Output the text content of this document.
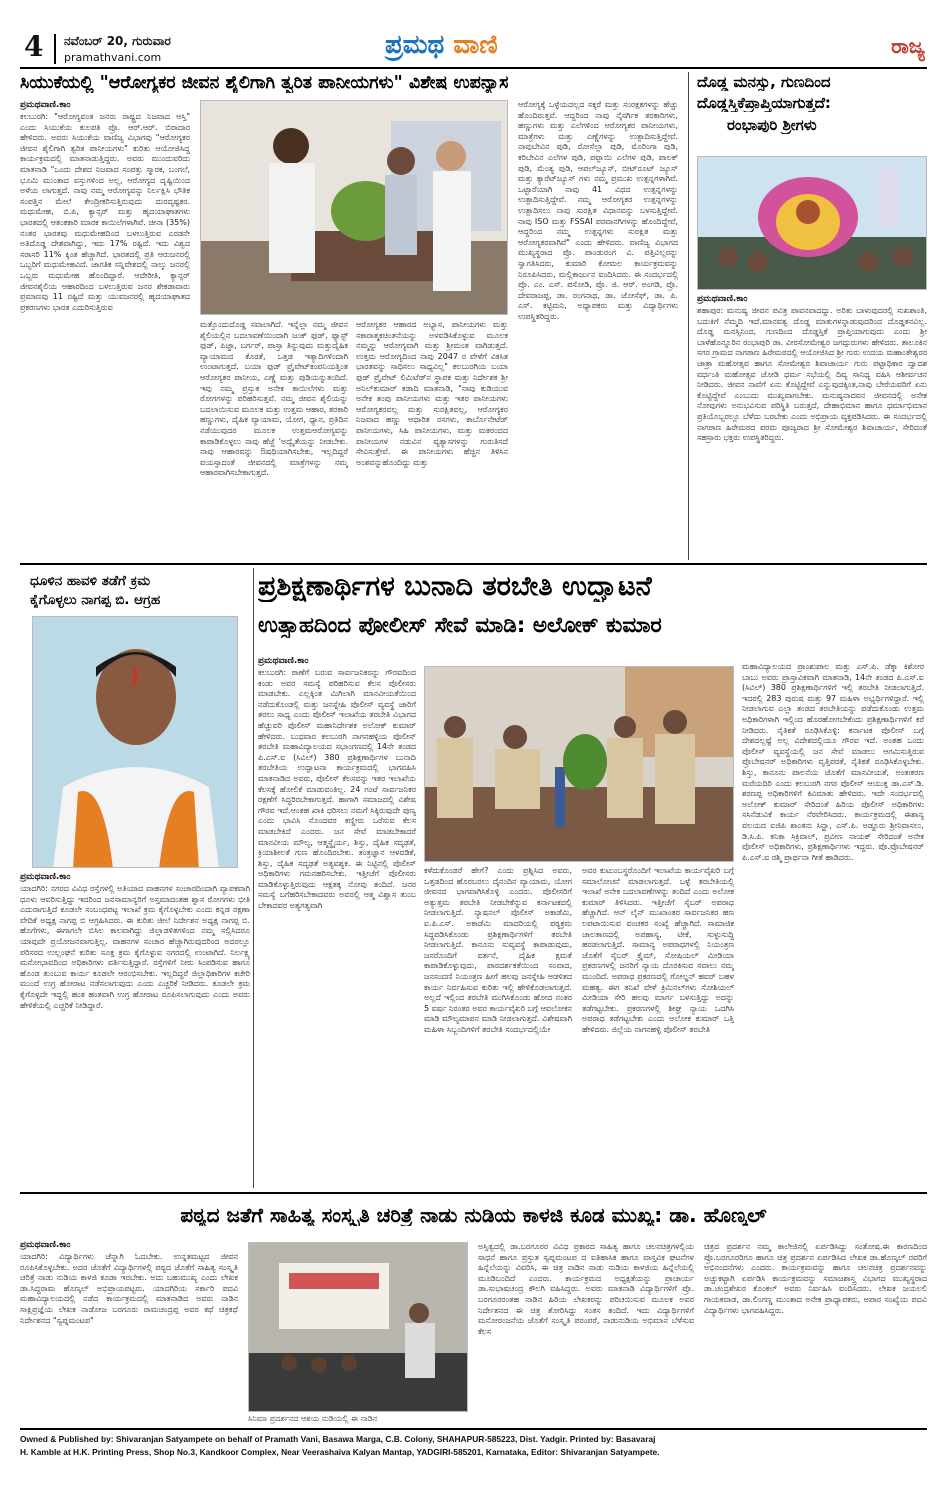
4 ನವೆಂಬರ್ 20, ಗುರುವಾರ
pramathvani.com	ಪ್ರಮಥ ವಾಣಿ	ರಾಜ್ಯ
ಸಿಯುಕೆಯಲ್ಲಿ "ಆರೋಗ್ಯಕರ ಜೀವನ ಶೈಲಿಗಾಗಿ ತ್ವರಿತ ಪಾನೀಯಗಳು" ವಿಶೇಷ ಉಪನ್ಯಾಸ
ಪ್ರಮಥವಾಣಿ.ಕಾಂ
ಕಲಬುರಗಿ: "ಆರೋಗ್ಯವಂತ ಜನರು ರಾಷ್ಟ್ರದ ನಿಜವಾದ ಆಸ್ತಿ" ಎಂದು ಸಿಯುಕೆಯ ಕುಲಪತಿ ಪ್ರೊ. ಆರ್.ಆರ್. ಬಿರಾದಾರ ಹೇಳಿದರು. ಅವರು ಸಿಯುಕೆಯ ವಾಣಿಜ್ಯ ವಿಭಾಗವು "ಆರೋಗ್ಯಕರ ಜೀವನ ಶೈಲಿಗಾಗಿ ತ್ವರಿತ ಪಾನೀಯಗಳು" ಕುರಿತು ಆಯೋಜಿಸಿದ್ದ ಕಾರ್ಯಕ್ರಮದಲ್ಲಿ ಮಾತನಾಡುತ್ತಿದ್ದರು. ಅವರು ಮುಂದುವರಿದು ಮಾತನಾಡಿ "ಒಂದು ದೇಶದ ನಿಜವಾದ ಸಂಪತ್ತು ಸ್ಮಾರಕ, ಬಂಗಲೆ, ಭೂಮಿ ಮುಂತಾದ ವಸ್ತುಗಳಿಂದ ಅಲ್ಲ, ಆರೋಗ್ಯದ ದೃಷ್ಟಿಯಿಂದ ಅಳೆಯ ಲಾಗುತ್ತದೆ. ನಾವು ನಮ್ಮ ಆರೋಗ್ಯವನ್ನು ನಿರ್ಲಕ್ಷಿಸಿ ಭೌತಿಕ ಸಂಪತ್ತಿನ ಮೇಲೆ ಕೇಂದ್ರೀಕರಿಸುತ್ತಿರುವುದು ದುರದೃಷ್ಟಕರ. ಮಧುಮೇಹ, ಬಿ.ಪಿ, ಕ್ಯಾನ್ಸರ್ ಮತ್ತು ಹೃದಯಾಘಾತಗಳು ಭಾರತದಲ್ಲಿ ಆತಂಕಕಾರಿ ಮಾರಕ ಕಾಯಿಲೆಗಳಾಗಿವೆ. ಚೀನಾ (35%) ನಂತರ ಭಾರತವು ಮಧುಮೇಹದಿಂದ ಬಳಲುತ್ತಿರುವ ಎರಡನೇ ಅತಿದೊಡ್ಡ ದೇಶವಾಗಿದ್ದು, ಇದು 17% ರಷ್ಟಿದೆ. ಇದು ವಿಶ್ವದ ಸರಾಸರಿ 11% ಕ್ಕಿಂತ ಹೆಚ್ಚಾಗಿದೆ. ಭಾರತದಲ್ಲಿ ಪ್ರತಿ ಆರುಜನರಲ್ಲಿ ಒಬ್ಬರಿಗೆ ಮಧುಮೇಹವಿದೆ. ಜಾಗತಿಕ ಸನ್ನಿವೇಶದಲ್ಲಿ ನಾಲ್ಕು ಜನರಲ್ಲಿ ಒಬ್ಬರು ಮಧುಮೇಹ ಹೊಂದಿದ್ದಾರೆ. ಆದೇರೀತಿ, ಕ್ಯಾನ್ಸರ್ ಜೀವನಶೈಲಿಯ ಆಹಾರದಿಂದ ಬಳಲುತ್ತಿರುವ ಜನರ ಶೇಕಡಾವಾರು ಪ್ರಮಾಣವು 11 ರಷ್ಟಿದೆ ಮತ್ತು ಯುವಜನರಲ್ಲಿ ಹೃದಯಾಘಾತದ ಪ್ರಕರಣಗಳು ಭಾರತ ಎದುರಿಸುತ್ತಿರುವ
ಮತ್ತೊಂದುದೊಡ್ಡ ಸವಾಲಾಗಿದೆ. ಇನ್ನೆಲ್ಲಾ ನಮ್ಮ ಜೀವನ ಶೈಲಿಯಲ್ಲಿನ ಬದಲಾವಣೆಯಿಂದಾಗಿ ಜಂಕ್ ಫುಡ್, ಫ್ಯಾಸ್ಟ್ ಫುಡ್, ಪಿಜ್ಜಾ, ಬರ್ಗರ್, ಪಾಸ್ತಾ ತಿನ್ನುವುದು ಮತ್ತುದೈಹಿಕ ವ್ಯಾಯಾಮದ ಕೊರತೆ, ಒತ್ತಡ ಇತ್ಯಾದಿಗಳಿಂದಾಗಿ ಉಂಟಾಗುತ್ತದೆ. ಬಯಾ ಫುಡ್ ಪ್ರೈವೇಟ್‌ಕಂಪನಿಯತ್ತಿಂತ ಆರೋಗ್ಯಕರ ಪಾನೀಯ, ಎಣ್ಣೆ ಮತ್ತು ಪುಡಿಯನ್ನುತಂದಿದೆ. ಇವು ನಮ್ಮ ಪ್ರಸ್ತುತ ಅನೇಕ ಕಾಯಿಲೆಗಳು ಮತ್ತು ರೋಗಗಳನ್ನು ಪರಿಹರಿಸುತ್ತವೆ. ನಮ್ಮ ಜೀವನ ಶೈಲಿಯನ್ನು ಬದಲಾಯಿಸುವ ಮೂಲಕ ಮತ್ತು ಉತ್ತಮ ಆಹಾರ, ತರಕಾರಿ ಹಣ್ಣುಗಳು, ದೈಹಿಕ ವ್ಯಾಯಾಮ, ಯೋಗ, ಧ್ಯಾನ, ಪ್ರತಿದಿನ ನಡೆಯುವುದರ ಮೂಲಕ ಉತ್ತಮಆರೋಗ್ಯವನ್ನು ಕಾಪಾಡಿಕೊಳ್ಳಲು ನಾವು ಹೆಜ್ಜೆ 'ಅದ್ವೈತೆಯನ್ನು ನೀಡಬೇಕು. ನಾವು ಆಹಾರವನ್ನು ಔಷಧಿಯಾಗಿಸಬೇಕು, ಇಲ್ಲದಿದ್ದರೆ ವಯಸ್ಸಾದಂತೆ ಜೀವನದಲ್ಲಿ ಮಾತ್ರೆಗಳನ್ನು ನಮ್ಮ ಆಹಾರವಾಗಿಸಬೇಕಾಗುತ್ತದೆ.
ಆರೋಗ್ಯಕರ ಆಹಾರದ ಅಭ್ಯಾಸ, ಪಾನೀಯಗಳು ಮತ್ತು ಸಕಾರಾತ್ಮಕಚಿಂತನೆಯನ್ನು ಅಳವಡಿಸಿಕೊಳ್ಳುವ ಮೂಲಕ ನಮ್ಮನ್ನು ಆರೋಗ್ಯವಾಗಿ ಮತ್ತು ಶ್ರೀಮಂತ ವಾಗಿಡುತ್ತದೆ. ಉತ್ತಮ ಆರೋಗ್ಯದಿಂದ ನಾವು 2047 ರ ವೇಳೆಗೆ ವಿಕಸಿತ ಭಾರತವನ್ನು ಸಾಧಿಸಲು ಸಾಧ್ಯವಿಲ್ಲ" ಕಲಬುರಗಿಯ ಬಯಾ ಫುಡ್ ಪ್ರೈವೇಟ್ ಲಿಮಿಟೆಡ್‌ನ ಸ್ಥಾಪಕ ಮತ್ತು ನಿರ್ದೇಶಕ ಶ್ರೀ ಅನಿಲ್‌ಕುಮಾರ್ ಕಡಾದಿ ಮಾತನಾಡಿ, "ನಾವು ಕುಡಿಯುವ ಅನೇಕ ತಂಪು ಪಾನೀಯಗಳು ಮತ್ತು ಇತರ ಪಾನೀಯಗಳು ಆರೋಗ್ಯಕರವಲ್ಲ ಮತ್ತು ಸುರಕ್ಷಿತವಲ್ಲ, ಆರೋಗ್ಯಕರ ನಿಜವಾದ ಹಣ್ಣು ಆಧಾರಿತ ರಸಗಳು, ಕಾರ್ಬೊನೇಟೆಡ್ ಪಾನೀಯಗಳು, ಸಿಹಿ ಪಾನೀಯಗಳು, ಮತ್ತು ಮಕರಂದದ ಪಾನೀಯಗಳ ನಡುವಿನ ವ್ಯತ್ಯಾಸಗಳನ್ನು ಗುರುತಿಸದೆ ಸೇವಿಸುತ್ತೇವೆ. ಈ ಪಾನೀಯಗಳು ಹೆಚ್ಚಿನ ತಿಳಿಸಿನ ಅಂಶವನ್ನುಹೊಂದಿದ್ದು ಮತ್ತು
ಆರೋಗ್ಯಕ್ಕೆ ಒಳ್ಳೆಯದಲ್ಲದ ಸಕ್ಕರೆ ಮತ್ತು ಸಂರಕ್ಷಕಗಳನ್ನು ಹೆಚ್ಚು ಹೊಂದಿರುತ್ತವೆ. ಆದ್ದರಿಂದ ನಾವು ನೈಸರ್ಗಿಕ ತರಕಾರಿಗಳು, ಹಣ್ಣುಗಳು ಮತ್ತು ಎಲೆಗಳಿಂದ ಆರೋಗ್ಯಕರ ಪಾನೀಯಗಳು, ಮಾತ್ರೆಗಳು ಮತ್ತು ಎಣ್ಣೆಗಳನ್ನು ಉತ್ಪಾದಿಸುತ್ತಿದ್ದೇವೆ. ನಾವುಬೇವಿನ ಪುಡಿ, ರೋಸೆಲ್ಲಾ ಪುಡಿ, ಮೊರಿಂಗಾ ಪುಡಿ, ಕರಿಬೇವಿನ ಎಲೆಗಳ ಪುಡಿ, ಪಪ್ಪಾಯಿ ಎಲೆಗಳ ಪುಡಿ, ಪಾಲಕ್ ಪುಡಿ, ಮೆಂತ್ಯ ಪುಡಿ, ಆಪಲ್‌ಜ್ಯೂಸ್, ಬೀಟ್‌ರೂಟ್ ಜ್ಯೂಸ್ ಮತ್ತು ಕ್ಯಾರೆಟ್‌ಜ್ಯೂಸ್ ಗಳು ನಮ್ಮ ಪ್ರಮುಖ ಉತ್ಪನ್ನಗಳಾಗಿವೆ. ಒಟ್ಟಾರೆಯಾಗಿ ನಾವು 41 ವಿಧದ ಉತ್ಪನ್ನಗಳನ್ನು ಉತ್ಪಾದಿಸುತ್ತಿದ್ದೇವೆ. ನಮ್ಮ ಆರೋಗ್ಯಕರ ಉತ್ಪನ್ನಗಳನ್ನು ಉತ್ಪಾದಿಸಲು ನಾವು ಸುರಕ್ಷಿತ ವಿಧಾನವನ್ನು ಬಳಸುತ್ತಿದ್ದೇವೆ. ನಾವು ISO ಮತ್ತು FSSAI ಪರವಾನಗಿಗಳನ್ನು ಹೊಂದಿದ್ದೇವೆ, ಆದ್ದರಿಂದ ನಮ್ಮ ಉತ್ಪನ್ನಗಳು ಸುರಕ್ಷಿತ ಮತ್ತು ಆರೋಗ್ಯಕರವಾಗಿವೆ" ಎಂದು ಹೇಳಿದರು. ವಾಣಿಜ್ಯ ವಿಭಾಗದ ಮುಖ್ಯಸ್ಥರಾದ ಪ್ರೊ. ಪಾಂಡುರಂಗ ವಿ. ಪತ್ತಿವಿಲ್ಲರನ್ನು ಸ್ವಾಗತಿಸಿದರು, ಕುಮಾರಿ ಕೋಮಲ ಕಾರ್ಯಕ್ರಮವನ್ನು ನಿರೂಪಿಸಿದರು, ಮಲ್ಲಿಕಾರ್ಜುನ ವಂದಿಸಿದರು. ಈ ಸಂದರ್ಭದಲ್ಲಿ ಪ್ರೊ. ಎಂ. ಎಸ್. ಪಸೋಡಿ, ಪ್ರೊ. ಜಿ. ಆರ್. ಅಂಗಡಿ, ಪ್ರೊ. ದೇವರಾಜಪ್ಪ, ಡಾ. ರಂಗನಾಥ, ಡಾ. ಜೋಸೆಫ್, ಡಾ. ಪಿ. ಎಸ್. ಕಟ್ಟಿಮನಿ, ಅಧ್ಯಾಪಕರು ಮತ್ತು ವಿದ್ಯಾರ್ಥಿಗಳು ಉಪಸ್ಥಿತರಿದ್ದರು.
ದೊಡ್ಡ ಮನಸ್ಸು, ಗುಣದಿಂದ
ದೊಡ್ಡಸ್ತಿಕೆಪ್ರಾಪ್ತಿಯಾಗುತ್ತದೆ:
ರಂಭಾಪುರಿ ಶ್ರೀಗಳು
ಪ್ರಮಥವಾಣಿ.ಕಾಂ
ಶಹಾಪುರ: ಮನುಷ್ಯ ಜೀವನ ಪವಿತ್ರ ಪಾವನವಾದದ್ದು. ಅರಿತು ಬಾಳುವುದರಲ್ಲಿ ಸುಖಶಾಂತಿ, ಬದುಕಿಗೆ ನೆಮ್ಮದಿ ಇದೆ.ಮಾನವತ್ವ ದೊಡ್ಡ ಮಾತುಗಳನ್ನಾಡುವುದರಿಂದ ದೊಡ್ಡತನವಿಲ್ಲ. ದೊಡ್ಡ ಮನಸ್ಸಿನಿಂದ, ಗುಣದಿಂದ ದೊಡ್ಡಸ್ತಿಕೆ ಪ್ರಾಪ್ತಿಯಾಗುವುದು ಎಂದು ಶ್ರೀ ಬಾಳೆಹೊನ್ನೂರಿನ ರಂಭಾಪುರಿ ಡಾ. ವೀರಸೋಮೇಶ್ವರ ಜಗದ್ಗುರುಗಳು ಹೇಳಿದರು. ತಾಲೂಕಿನ ಸಗರ ಗ್ರಾಮದ ನಾಗಠಾಣ ಹಿರೇಮಠದಲ್ಲಿ ಆಯೋಜಿಸಿದ ಶ್ರೀ ಗುರು ಉದಯ ಮಹಾಂತೇಶ್ವರರ ಜಾತ್ರಾ ಮಹೋತ್ಸವ ಹಾಗೂ ಸೋಮೇಶ್ವರ ಶಿವಾಚಾರ್ಯ ಗುರು ಪಟ್ಟಾಧಿಕಾರ ದ್ವಾದಶ ವರ್ಧಂತಿ ಮಹೋತ್ಸವ ಜೋಡಿ ಧರ್ಮ ಸಭೆಯಲ್ಲಿ ದಿವ್ಯ ಸಾನಿಧ್ಯ ವಹಿಸಿ ಆಶೀರ್ವಚನ ನೀಡಿದರು. ಜೀವನ ನಾವೆಗೆ ಏನು ಕೊಟ್ಟಿದ್ದೇವೆ ಎನ್ನುವುದಕ್ಕಿಂತ,ನಾವು ಬೇರೆಯವರಿಗೆ ಏನು ಕೊಟ್ಟಿದ್ದೇವೆ ಎಂಬುದು ಮುಖ್ಯವಾಗಬೇಕು. ಮನುಷ್ಯನಾದವನ ಜೀವನದಲ್ಲಿ ಅನೇಕ ನೋವುಗಳು ಅನುಭವಿಸುವ ಪರಿಸ್ಥಿತಿ ಬರುತ್ತದೆ, ದೇಹಾಭಿಮಾನ ಹಾಗೂ ಧರ್ಮಾಭಿಮಾನ ಪ್ರತಿಯೊಬ್ಬರಲ್ಲೂ ಬೆಳೆದು ಬರಬೇಕು ಎಂದು ಅಭಿಪ್ರಾಯ ವ್ಯಕ್ತಪಡಿಸಿದರು. ಈ ಸಂದರ್ಭದಲ್ಲಿ ನಾಗಠಾಣ ಹಿರೇಮಠದ ಪರಮ ಪೂಜ್ಯರಾದ ಶ್ರೀ ಸೋಮೇಶ್ವರ ಶಿವಾಚಾರ್ಯ, ಸೇರಿದಂತೆ ಸಹಸ್ರಾರು ಭಕ್ತರು ಉಪಸ್ಥಿತರಿದ್ದರು.
ಧೂಳಿನ ಹಾವಳಿ ತಡೆಗೆ ಕ್ರಮ
ಕೈಗೊಳ್ಳಲು ನಾಗಪ್ಪ ಬಿ. ಆಗ್ರಹ
ಪ್ರಮಥವಾಣಿ.ಕಾಂ
ಯಾದಗಿರಿ: ನಗರದ ವಿವಿಧ ರಸ್ತೆಗಳಲ್ಲಿ ಅತಿಯಾದ ವಾಹನಗಳ ಸಂಚಾರದಿಂದಾಗಿ ವ್ಯಾಪಕವಾಗಿ ಧೂಳು ಆವರಿಸುತ್ತಿದ್ದು ಇದರಿಂದ ಜನಸಾಮಾನ್ಯರಿಗೆ ಅಸ್ತಮಾದಂತಹ ಶ್ವಾಸ ರೋಗಗಳು ಭೀತಿ ಎದುರಾಗುತ್ತಿದೆ ಕೂಡಲೇ ಸಂಬಂಧಪಟ್ಟ ಇಲಾಖೆ ಕ್ರಮ ಕೈಗೊಳ್ಳಬೇಕು ಎಂದು ಕನ್ನಡ ರಕ್ಷಣಾ ವೇದಿಕೆ ಅಧ್ಯಕ್ಷ ನಾಗಪ್ಪ ಬಿ ಆಗ್ರಹಿಸಿದರು. ಈ ಕುರಿತು ಜೀಲೆ ನಿರ್ದೇಶನ ಅಧ್ಯಕ್ಷ ನಾಗಪ್ಪ ಬಿ. ಹೊಗೆಗಳು, ಈಗಾಗಲೇ ಬಿಸಿಲ ಕಾಲವಾಗಿದ್ದು ಜಿಲ್ಲಾಡಳಿತಗಳಿಂದ ನಮ್ಮ ಸಲ್ಲಿಸಿದರೂ ಯಾವುದೇ ಪ್ರಯೋಜನವಾಗುತ್ತಿಲ್ಲ. ವಾಹನಗಳ ಸಂಚಾರ ಹೆಚ್ಚಾಗಿರುವುದರಿಂದ ಅದರಲ್ಲೂ ಪರಿಸರದ ಉಲ್ಲಂಘನೆ ಕುರಿತು ಸೂಕ್ತ ಕ್ರಮ ಕೈಗೊಳ್ಳುವ ನಗರದಲ್ಲಿ ಉಂಟಾಗಿದೆ. ನಿರ್ಲಕ್ಷ್ಯ ಮನೋಭಾವದಿಂದ ಅಧಿಕಾರಿಗಳು ವರ್ತಿಸುತ್ತಿದ್ದಾರೆ. ರಸ್ತೆಗಳಿಗೆ ನೀರು ಸಿಂಪಡಿಸುವ ಹಾಗೂ ಹೊಂಡ ತುಂಬುವ ಕಾರ್ಯ ಕೂಡಲೇ ಆರಂಭಿಸಬೇಕು. ಇಲ್ಲದಿದ್ದರೆ ಜಿಲ್ಲಾಧಿಕಾರಿಗಳ ಕಚೇರಿ ಮುಂದೆ ಉಗ್ರ ಹೋರಾಟ ನಡೆಸಲಾಗುವುದು ಎಂದು ಎಚ್ಚರಿಕೆ ನೀಡಿದರು. ಕೂಡಲೇ ಕ್ರಮ ಕೈಗೊಳ್ಳದೇ ಇದ್ದಲ್ಲಿ ಹಂತ ಹಂತವಾಗಿ ಉಗ್ರ ಹೋರಾಟ ರೂಪಿಸಲಾಗುವುದು ಎಂದು ಅವರು ಹೇಳಿಕೆಯಲ್ಲಿ ಎಚ್ಚರಿಕೆ ನೀಡಿದ್ದಾರೆ.
ಪ್ರಶಿಕ್ಷಣಾರ್ಥಿಗಳ ಬುನಾದಿ ತರಬೇತಿ ಉದ್ಘಾಟನೆ
ಉತ್ಸಾಹದಿಂದ ಪೋಲೀಸ್ ಸೇವೆ ಮಾಡಿ: ಅಲೋಕ್ ಕುಮಾರ
ಪ್ರಮಥವಾಣಿ.ಕಾಂ
ಕಲಬುರಗಿ: ಠಾಣೆಗೆ ಬರುವ ಸಾರ್ವಜನಿಕರನ್ನು ಗೌರವದಿಂದ ಕಂಡು ಅವರ ಸಮಸ್ಯೆ ಪರಿಹರಿಸುವ ಕೆಲಸ ಪೊಲೀಸರು ಮಾಡಬೇಕು. ಎಲ್ಲಕ್ಕಿಂತ ಮಿಗಿಲಾಗಿ ಮಾನವೀಯತೆಯಿಂದ ನಡೆದುಕೊಂಡಲ್ಲಿ ಮತ್ತು ಜನಸ್ನೇಹಿ ಪೊಲೀಸ್ ವ್ಯವಸ್ಥೆ ಜಾರಿಗೆ ತರಲು ಸಾಧ್ಯ ಎಂದು ಪೊಲೀಸ್ ಇಲಾಖೆಯ ತರಬೇತಿ ವಿಭಾಗದ ಹೆಚ್ಚುವರಿ ಪೊಲೀಸ್ ಮಹಾನಿರ್ದೇಶಕ ಅಲೋಕ್ ಕುಮಾರ್ ಹೇಳಿದರು. ಬುಧವಾರ ಕಲಬುರಗಿ ನಾಗನಹಳ್ಳಿಯ ಪೊಲೀಸ್ ತರಬೇತಿ ಮಹಾವಿದ್ಯಾಲಯದ ಸಭಾಂಗಣದಲ್ಲಿ 14ನೇ ತಂಡದ ಪಿ.ಎಸ್.ಐ (ಸಿವಿಲ್) 380 ಪ್ರಶಿಕ್ಷಣಾರ್ಥಿಗಳ ಬುನಾದಿ ತರಬೇತಿಯ ಉದ್ಘಾಟನಾ ಕಾರ್ಯಕ್ರಮದಲ್ಲಿ ಭಾಗವಹಿಸಿ ಮಾತನಾಡಿದ ಅವರು, ಪೊಲೀಸ್ ಕೆಲಸವನ್ನು ಇತರ ಇಲಾಖೆಯ ಕೆಲಸಕ್ಕೆ ಹೋಲಿಕೆ ಮಾಡುವಂತಿಲ್ಲ. 24 ಗಂಟೆ ಸಾರ್ವಜನಿಕರ ರಕ್ಷಣೆಗೆ ಸಿದ್ಧರಿರಬೇಕಾಗುತ್ತದೆ. ಹಾಗಾಗಿ ಸಮಾಜದಲ್ಲಿ ವಿಶೇಷ ಗೌರವ ಇದೆ.ಆಂತಹ ಖಾಕಿ ಧರಿಸಲು ನಮಗೆ ಸಿಕ್ಕಿರುವುದೇ ಪುಣ್ಯ ಎಂದು ಭಾವಿಸಿ ನೊಂದವರ ಕಣ್ಣೀರು ಒರೆಸುವ ಕೆಲಸ ಮಾಡಬೇಕಿದೆ ಎಂದರು. ಜನ ಸೇವೆ ಮಾಡಬೇಕಾದರೆ ಮಾನವೀಯ ಮೌಲ್ಯ, ಆತ್ಮಸ್ಥೈರ್ಯ, ಶಿಸ್ತು, ದೈಹಿಕ ಸದೃಢತೆ, ಕ್ರಿಯಾಶೀಲತೆ ಗುಣ ಹೊಂದಿರಬೇಕು. ತಂತ್ರಜ್ಞಾನ ಆಳವಡಿಕೆ, ಶಿಸ್ತು, ದೈಹಿಕ ಸದೃಢತೆ ಅತ್ಯವಶ್ಯಕ. ಈ ನಿಟ್ಟಿನಲ್ಲಿ ಪೊಲೀಸ್ ಅಧಿಕಾರಿಗಳು ಗಮನಹರಿಸಬೇಕು. ಇತ್ತೀಚೆಗೆ ಪೊಲೀಸರು ಮಾಡಿಕೊಳ್ಳುತ್ತಿರುವುದು ಆಕ್ಷತಕ್ಕ ನೋವು ತಂದಿದೆ. ಜನರ ಸಮಸ್ಯೆ ಬಗೆಹರಿಸಬೇಕಾದವರು ಅವರಲ್ಲಿ ಆತ್ಮ ವಿಶ್ವಾಸ ತುಂಬ ಬೇಕಾದವರ ಅತ್ಯಗತ್ಯವಾಗಿ
ಕಳೆದುಕೊಂಡರೆ ಹೇಗೆ? ಎಂದು ಪ್ರಶ್ನಿಸಿದ ಅವರು, ಒತ್ತಡದಿಂದ ಹೊರಬರಲು ದೈನಂದಿನ ವ್ಯಾಯಾಮ, ಯೋಗ ಜೀವನದ ಭಾಗವಾಗಿಸಿಕೊಳ್ಳಿ ಎಂದರು. ಪೊಲೀಸರಿಗೆ ಅತ್ಯುತ್ತಮ ತರಬೇತಿ ನೀಡಬೇಕೆನ್ನುವ ಕರ್ನಾಟಕದಲ್ಲಿ ನೀಡಲಾಗುತ್ತಿದೆ. ನ್ಯಾಷನಲ್ ಪೊಲೀಸ್ ಅಕಾಡೆಮಿ, ಐ.ಪಿ.ಎಸ್. ಅಕಾಡೆಮಿ ಮಾದರಿಯಲ್ಲಿ ಪಠ್ಯಕ್ರಮ ಸಿದ್ಧಪಡಿಸಿಕೊಂಡು ಪ್ರಶಿಕ್ಷಣಾರ್ಥಿಗಳಿಗೆ ತರಬೇತಿ ನೀಡಲಾಗುತ್ತಿದೆ. ಕಾನೂನು ಸುವ್ಯವಸ್ಥೆ ಕಾಪಾಡುವುದು, ಜನರೊಂದಿಗೆ ವರ್ತನೆ, ದೈಹಿಕ ಕ್ಷಮತೆ ಕಾಪಾಡಿಕೊಳ್ಳುವುದು, ಪಾರದರ್ಶಕತೆಯಿಂದ ಸಂವಾದ, ಜನಸಂದಣಿ ನಿಯಂತ್ರಣ ಹೀಗೆ ಹಲವು ಜನಸ್ನೇಹಿ ಆಡಳಿತದ ಕಾರ್ಯ ನಿರ್ವಹಿಸುವ ಕುರಿತು ಇಲ್ಲಿ ಹೇಳಿಕೊಡಲಾಗುತ್ತದೆ. ಅಲ್ಲದೆ ಇಲ್ಲಿಂದ ತರಬೇತಿ ಮುಗಿಸಿಕೊಂಡು ಹೋದ ನಂತರ 5 ವರ್ಷ ನಿರಂತರ ಅವರ ಕಾರ್ಯವೈಖರಿ ಬಗ್ಗೆ ಆವಲೋಕನ ಮಾಡಿ ಮೌಲ್ಯಮಾಪನ ಮಾಡಿ ನೀಡಲಾಗುತ್ತದೆ. ವಿಶೇಷವಾಗಿ ಮಹಿಳಾ ಸಿಬ್ಬಂದಿಗಳಿಗೆ ತರಬೇತಿ ಸಂದರ್ಭದಲ್ಲಿಯೇ
ಅವರ ಕುಟುಂಬಸ್ಥರೊಂದಿಗೆ ಇಲಾಖೆಯ ಕಾರ್ಯವೈಖರಿ ಬಗ್ಗೆ ಸಮಾಲೋಚನೆ ಮಾಡಲಾಗುತ್ತದೆ. ಒಳ್ಳೆ ತರಬೇತಿಯಲ್ಲಿ ಇಲಾಖೆ ಅನೇಕ ಬದಲಾವಣೆಗಳನ್ನು ತಂದಿದೆ ಎಂದು ಅಲೋಕ ಕುಮಾರ್ ತಿಳಿಸಿದರು. ಇತ್ತೀಚೆಗೆ ಸೈಬರ್ ಅಪರಾಧ ಹೆಚ್ಚಾಗಿದೆ. ಆನ್ ಲೈನ್ ಮುಖಾಂತರ ಸಾರ್ವಜನಿಕರ ಹಣ ಲಪಟಾಯಿಸುವ ವಂಚಕರ ಸಂಖ್ಯೆ ಹೆಚ್ಚಾಗಿದೆ. ಸಾಮಾಜಿಕ ಜಾಲತಾಣದಲ್ಲಿ ಅಪಹಾಸ್ಯ, ಟೀಕೆ, ಸುಳ್ಳುಸುದ್ದಿ ಹರಡಲಾಗುತ್ತಿದೆ. ಸಾಮಾನ್ಯ ಅಪರಾಧಗಳಲ್ಲಿ ನಿಯಂತ್ರಣ ಜೊತೆಗೆ ಸೈಬರ್ ಕ್ರೈಮ್, ಸೋಷಿಯಲ್ ಮೀಡಿಯಾ ಪ್ರಕರಣಗಳಲ್ಲಿ ಜನರಿಗೆ ನ್ಯಾಯ ದೊರಕಿಸುವ ಸವಾಲು ನಮ್ಮ ಮುಂದಿದೆ. ಅಪರಾಧ ಪ್ರಕರಣದಲ್ಲಿ ಗೋಲ್ಡನ್ ಹವರ್ ಬಹಳ ಮಹತ್ವ. ಈಗ ತನಿಖೆ ವೇಳೆ ಕ್ರಿಮಿನಲ್‌ಗಳು ಸೋಶಿಯಲ್ ಮೀಡಿಯಾ ಸೇರಿ ಹಲವು ಮಾರ್ಗ ಬಳಸುತ್ತಿದ್ದು ಅದನ್ನು ತಡೆಗಟ್ಟಬೇಕು. ಪ್ರಕರಣಗಳಲ್ಲಿ ಶೀಘ್ರ ನ್ಯಾಯ ಒದಗಿಸಿ ಅಪರಾಧ ತಡೆಗಟ್ಟಬೇಕು ಎಂದು ಅಲೋಕ ಕುಮಾರ್ ಒತ್ತಿ ಹೇಳಿದರು. ಜಿಲ್ಲೆಯ ನಾಗನಹಳ್ಳಿ ಪೊಲೀಸ್ ತರಬೇತಿ
ಮಹಾವಿದ್ಯಾಲಯದ ಪ್ರಾಂಶುಪಾಲ ಮತ್ತು ಎಸ್.ಪಿ. ಡೆಕ್ಕಾ ಕಿಶೋರ ಬಾಬು ಅವರು ಪ್ರಾಸ್ತಾವಿಕವಾಗಿ ಮಾತನಾಡಿ, 14ನೇ ತಂಡದ ಪಿ.ಎಸ್.ಐ (ಸಿವಿಲ್) 380 ಪ್ರಶಿಕ್ಷಣಾರ್ಥಿಗಳಿಗೆ ಇಲ್ಲಿ ತರಬೇತಿ ನೀಡಲಾಗುತ್ತಿದೆ. ಇದರಲ್ಲಿ 283 ಪುರುಷ ಮತ್ತು 97 ಮಹಿಳಾ ಅಭ್ಯರ್ಥಿಗಳಿದ್ದಾರೆ. ಇಲ್ಲಿ ನೀಡಲಾಗುವ ಎಲ್ಲಾ ತಂಡದ ತರಬೇತಿಯನ್ನು ಪಡೆದುಕೊಂಡು ಉತ್ತಮ ಅಧಿಕಾರಿಗಳಾಗಿ ಇಲ್ಲಿಂದ ಹೊರಹೋಗಬೇಕೆಂದು ಪ್ರಶಿಕ್ಷಣಾರ್ಥಿಗಳಿಗೆ ಕರೆ ನೀಡಿದರು. ನೈತಿಕತೆ ರೂಢಿಸಿಕೊಳ್ಳಿ: ಕರ್ನಾಟಕ ಪೊಲೀಸ್ ಬಗ್ಗೆ ದೇಶದಲ್ಲಷ್ಟೆ ಅಲ್ಲ ವಿದೇಶದಲ್ಲಿಯೂ ಗೌರವ ಇದೆ. ಅಂತಹ ಒಂದು ಪೊಲೀಸ್ ವ್ಯವಸ್ಥೆಯಲ್ಲಿ ಜನ ಸೇವೆ ಮಾಡಲು ಆಗಮಿಸುತ್ತಿರುವ ಪ್ರೊಬೇಷನರ್ ಅಧಿಕಾರಿಗಳು ವೃತ್ತಿಪರತೆ, ನೈತಿಕತೆ ರೂಢಿಸಿಕೊಳ್ಳಬೇಕು. ಶಿಸ್ತು, ಕಾನೂನು ಪಾಲನೆಯ ಜೊತೆಗೆ ಮಾನವೀಯತೆ, ಅಂತಃಕರಣ ಮರೆಯದಿರಿ ಎಂದು ಕಲಬುರಗಿ ನಗರ ಪೊಲೀಸ್ ಆಯುಕ್ತ ಡಾ.ಎಸ್.ಡಿ. ಶರಣಪ್ಪ ಅಧಿಕಾರಿಗಳಿಗೆ ಕಿವಿಮಾತು ಹೇಳಿದರು. ಇದೇ ಸಂದರ್ಭದಲ್ಲಿ ಅಲೋಕ್ ಕುಮಾರ್ ಸೇರಿದಂತೆ ಹಿರಿಯ ಪೊಲೀಸ್ ಅಧಿಕಾರಿಗಳು ಸಸಿನೆಡುವಿಕೆ ಕಾರ್ಯ ನೆರವೇರಿಸಿದರು. ಕಾರ್ಯಕ್ರಮದಲ್ಲಿ ಈಶಾನ್ಯ ವಲಯದ ಐಜಿಪಿ ಶಾಂತನು ಸಿನ್ಹಾ, ಎಸ್.ಪಿ. ಅಡ್ಡೂರು ಶ್ರೀನಿವಾಸಲು, ಡಿ.ಸಿ.ಪಿ. ಕನಿಕಾ ಸಿಕ್ರಿವಾಲ್, ಪ್ರವೀಣ ನಾಯಕ್ ಸೇರಿದಂತೆ ಅನೇಕ ಪೊಲೀಸ್ ಅಧಿಕಾರಿಗಳು, ಪ್ರಶಿಕ್ಷಣಾರ್ಥಿಗಳು ಇದ್ದರು. ಪೊ.ಪ್ರೊಬೇಷನರ್ ಪಿ.ಎಸ್.ಐ ರಶ್ಮಿ ಪ್ರಾರ್ಥನಾ ಗೀತೆ ಹಾಡಿದರು.
ಪಠ್ಯದ ಜತೆಗೆ ಸಾಹಿತ್ಯ ಸಂಸ್ಕೃತಿ ಚರಿತ್ರೆ ನಾಡು ನುಡಿಯ ಕಾಳಜಿ ಕೂಡ ಮುಖ್ಯ: ಡಾ. ಹೊಣ್ಕಲ್
ಪ್ರಮಥವಾಣಿ.ಕಾಂ
ಯಾದಗಿರಿ: ವಿದ್ಯಾರ್ಥಿಗಳು ಚೆನ್ನಾಗಿ ಓದಬೇಕು. ಉನ್ನತಮಟ್ಟದ ಜೀವನ ರೂಪಿಸಿಕೊಳ್ಳಬೇಕು. ಅದರ ಜೊತೆಗೆ ವಿದ್ಯಾರ್ಥಿಗಳಲ್ಲಿ ಪಠ್ಯದ ಜೊತೆಗೆ ಸಾಹಿತ್ಯ ಸಂಸ್ಕೃತಿ ಚರಿತ್ರೆ ನಾಡು ನುಡಿಯ ಕಾಳಜಿ ಕೂಡಾ ಇರಬೇಕು. ಅದು ಬಹುಮುಖ್ಯ ಎಂದು ಲೇಖಕ ಡಾ.ಸಿದ್ಧರಾಮ ಹೊಣ್ಕಲ್ ಅಭಿಪ್ರಾಯಪಟ್ಟರು. ಯಾದಗಿರಿಯ ಸರ್ಕಾರಿ ಪದವಿ ಮಹಾವಿದ್ಯಾಲಯದಲ್ಲಿ ನಡೆದ ಕಾರ್ಯಕ್ರಮದಲ್ಲಿ ಮಾತನಾಡಿದ ಅವರು ನಾಡಿನ ಸಾಕ್ಷಿಪ್ರಜ್ಞೆಯ ಲೇಖಕ ನಾಡೋಜ ಬರಗೂರು ರಾಮಚಂದ್ರಪ್ಪ ಅವರ ಕಥೆ ಚಿತ್ರಕಥೆ ನಿರ್ದೇಶನದ "ಸ್ವಪ್ನಮಂಟಪ"
ಸಿನಿಮಾ ಪ್ರದರ್ಶನದ ಆಶಯ ನುಡಿಯಲ್ಲಿ ಈ ನಾಡಿನ
ಅಸ್ತಿತ್ವದಲ್ಲಿ ಡಾ.ಬರಗೂರರ ವಿವಿಧ ಪ್ರಕಾರದ ಸಾಹಿತ್ಯ ಹಾಗೂ ಚಲನಚಿತ್ರಗಳಲ್ಲಿಯ ಸಾಧನೆ ಹಾಗೂ ಪ್ರಸ್ತುತ ಸ್ವಪ್ನಮಂಟಪ ದ ಐತಿಹಾಸಿಕ ಹಾಗೂ ವಾಸ್ತವಿಕ ಘಟನೆಗಳ ಹಿನ್ನೆಲೆಯನ್ನು ವಿವರಿಸಿ, ಈ ಚಿತ್ರ ನಾಡಿನ ನಾಡು ನುಡಿಯ ಕಾಳಜಿಯ ಹಿನ್ನೆಲೆಯಲ್ಲಿ ಮೂಡಿಬಂದಿದೆ ಎಂದರು. ಕಾರ್ಯಕ್ರಮದ ಅಧ್ಯಕ್ಷತೆಯನ್ನು ಪ್ರಾಚಾರ್ಯ ಡಾ.ಸುಭಾಷಚಂದ್ರ ಕೌಲಗಿ ವಹಿಸಿದ್ದರು. ಅವರು ಮಾತನಾಡಿ ವಿದ್ಯಾರ್ಥಿಗಳಿಗೆ ಪ್ರೊ. ಬರಗೂರರಂತಹ ನಾಡಿನ ಹಿರಿಯ ಲೇಖಕರನ್ನು ಪರಿಚಯಿಸುವ ಮೂಲಕ ಅವರ ನಿರ್ದೇಶನದ ಈ ಚಿತ್ರ ತೋರಿಸಿದ್ದು ಸಂತಸ ತಂದಿದೆ. ಇದು ವಿದ್ಯಾರ್ಥಿಗಳಿಗೆ ಮನೋರಂಜನೆಯ ಜೊತೆಗೆ ಸಂಸ್ಕೃತಿ ಪರಂಪರೆ, ನಾಡುನುಡಿಯ ಅಭಿಮಾನ ಬೆಳೆಸುವ ಕೆಲಸ
ಚಿತ್ರದ ಪ್ರದರ್ಶನ ನಮ್ಮ ಕಾಲೇಜಿನಲ್ಲಿ ಏರ್ಪಡಿಸಿದ್ದು ಸಂತೋಷ.ಈ ಕಾರಣದಿಂದ ಪ್ರೊ.ಬರಗೂರರಿಗೂ ಹಾಗೂ ಚಿತ್ರ ಪ್ರದರ್ಶನ ಏರ್ಪಡಿಸಿದ ಲೇಖಕ ಡಾ.ಹೊಣ್ಕಲ್ ರವರಿಗೆ ಅಭಿನಂದನೆಗಳು ಎಂದರು. ಕಾರ್ಯಕ್ರಮವನ್ನು ಹಾಗೂ ಚಲನಚಿತ್ರ ಪ್ರದರ್ಶನವನ್ನು ಅಚ್ಚುಕಟ್ಟಾಗಿ ಏರ್ಪಡಿಸಿ ಕಾರ್ಯಕ್ರಮವನ್ನು ಸಮಾಜಶಾಸ್ತ್ರ ವಿಭಾಗದ ಮುಖ್ಯಸ್ಥರಾದ ಡಾ.ಚಂದ್ರಶೇಖರ ಕೊಂಕಲ್ ಅವರು ನಿರ್ವಹಿಸಿ ವಂದಿಸಿದರು. ಲೇಖಕ ಜಯಲಲಿ ಗಾಯಕವಾಡ, ಡಾ.ಲಿಂಗಣ್ಣ ಮುಂತಾದ ಅನೇಕ ಪ್ರಾಧ್ಯಾಪಕರು, ಅಪಾರ ಸಂಖ್ಯೆಯ ಪದವಿ ವಿದ್ಯಾರ್ಥಿಗಳು ಭಾಗವಹಿಸಿದ್ದರು.
Owned & Published by: Shivaranjan Satyampete on behalf of Pramath Vani, Basawa Marga, C.B. Colony, SHAHAPUR-585223, Dist. Yadgir. Printed by: Basavaraj
H. Kamble at H.K. Printing Press, Shop No.3, Kandkoor Complex, Near Veerashaiva Kalyan Mantap, YADGIRI-585201, Karnataka, Editor: Shivaranjan Satyampete.
